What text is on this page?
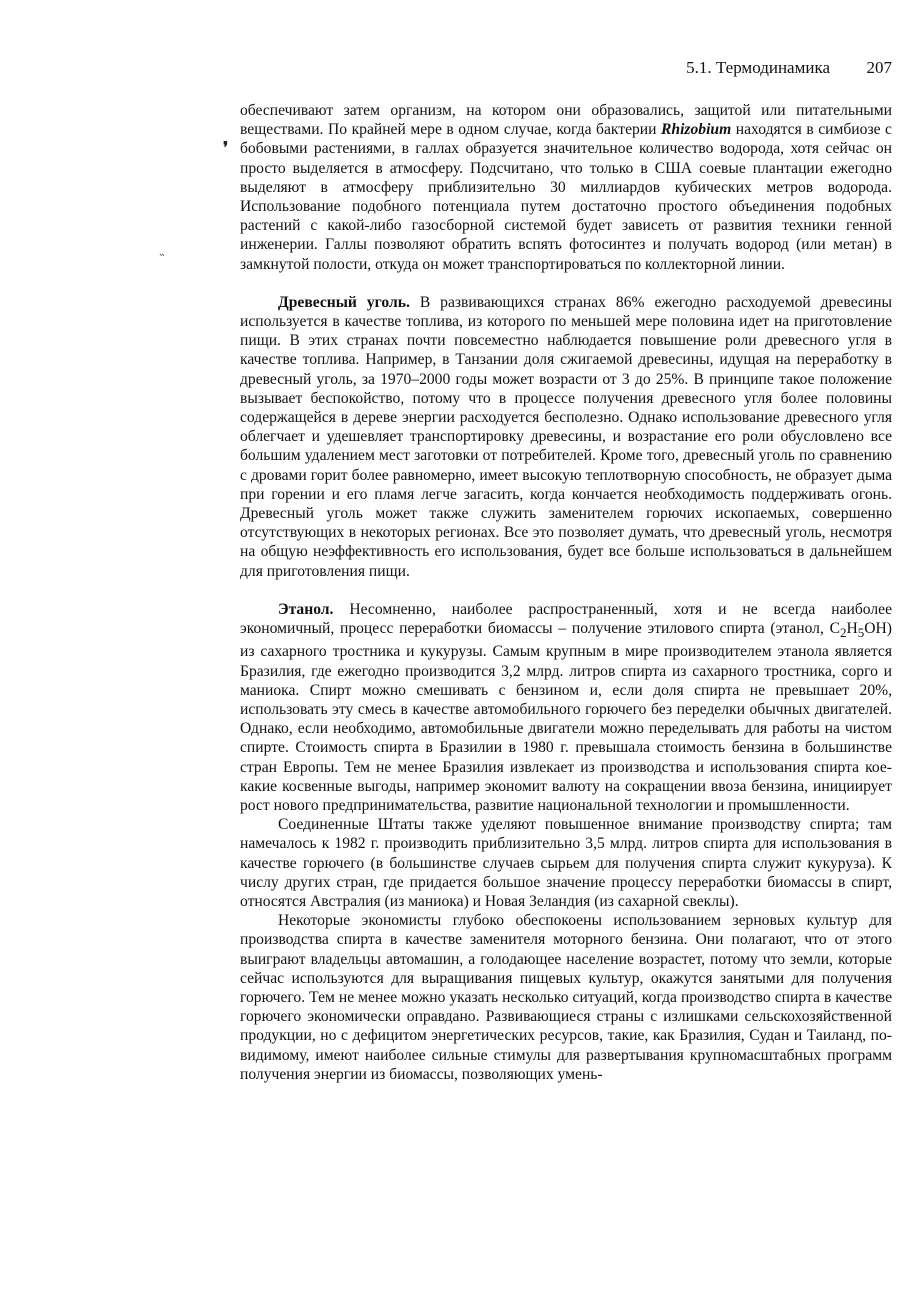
5.1. Термодинамика 207
❜
˵

обеспечивают затем организм, на котором они образовались, защитой или питательными веществами. По крайней мере в одном случае, когда бактерии Rhizobium находятся в симбиозе с бобовыми растениями, в галлах образуется значительное количество водорода, хотя сейчас он просто выделяется в атмосферу. Подсчитано, что только в США соевые плантации ежегодно выделяют в атмосферу приблизительно 30 миллиардов кубических метров водорода. Использование подобного потенциала путем достаточно простого объединения подобных растений с какой-либо газосборной системой будет зависеть от развития техники генной инженерии. Галлы позволяют обратить вспять фотосинтез и получать водород (или метан) в замкнутой полости, откуда он может транспортироваться по коллекторной линии.

Древесный уголь. В развивающихся странах 86% ежегодно расходуемой древесины используется в качестве топлива, из которого по меньшей мере половина идет на приготовление пищи. В этих странах почти повсеместно наблюдается повышение роли древесного угля в качестве топлива. Например, в Танзании доля сжигаемой древесины, идущая на переработку в древесный уголь, за 1970–2000 годы может возрасти от 3 до 25%. В принципе такое положение вызывает беспокойство, потому что в процессе получения древесного угля более половины содержащейся в дереве энергии расходуется бесполезно. Однако использование древесного угля облегчает и удешевляет транспортировку древесины, и возрастание его роли обусловлено все большим удалением мест заготовки от потребителей. Кроме того, древесный уголь по сравнению с дровами горит более равномерно, имеет высокую теплотворную способность, не образует дыма при горении и его пламя легче загасить, когда кончается необходимость поддерживать огонь. Древесный уголь может также служить заменителем горючих ископаемых, совершенно отсутствующих в некоторых регионах. Все это позволяет думать, что древесный уголь, несмотря на общую неэффективность его использования, будет все больше использоваться в дальнейшем для приготовления пищи.

Этанол. Несомненно, наиболее распространенный, хотя и не всегда наиболее экономичный, процесс переработки биомассы – получение этилового спирта (этанол, $C_2H_5OH$) из сахарного тростника и кукурузы. Самым крупным в мире производителем этанола является Бразилия, где ежегодно производится 3,2 млрд. литров спирта из сахарного тростника, сорго и маниока. Спирт можно смешивать с бензином и, если доля спирта не превышает 20%, использовать эту смесь в качестве автомобильного горючего без переделки обычных двигателей. Однако, если необходимо, автомобильные двигатели можно переделывать для работы на чистом спирте. Стоимость спирта в Бразилии в 1980 г. превышала стоимость бензина в большинстве стран Европы. Тем не менее Бразилия извлекает из производства и использования спирта кое-какие косвенные выгоды, например экономит валюту на сокращении ввоза бензина, инициирует рост нового предпринимательства, развитие национальной технологии и промышленности.

Соединенные Штаты также уделяют повышенное внимание производству спирта; там намечалось к 1982 г. производить приблизительно 3,5 млрд. литров спирта для использования в качестве горючего (в большинстве случаев сырьем для получения спирта служит кукуруза). К числу других стран, где придается большое значение процессу переработки биомассы в спирт, относятся Австралия (из маниока) и Новая Зеландия (из сахарной свеклы).

Некоторые экономисты глубоко обеспокоены использованием зерновых культур для производства спирта в качестве заменителя моторного бензина. Они полагают, что от этого выиграют владельцы автомашин, а голодающее население возрастет, потому что земли, которые сейчас используются для выращивания пищевых культур, окажутся занятыми для получения горючего. Тем не менее можно указать несколько ситуаций, когда производство спирта в качестве горючего экономически оправдано. Развивающиеся страны с излишками сельскохозяйственной продукции, но с дефицитом энергетических ресурсов, такие, как Бразилия, Судан и Таиланд, по-видимому, имеют наиболее сильные стимулы для развертывания крупномасштабных программ получения энергии из биомассы, позволяющих умень-
